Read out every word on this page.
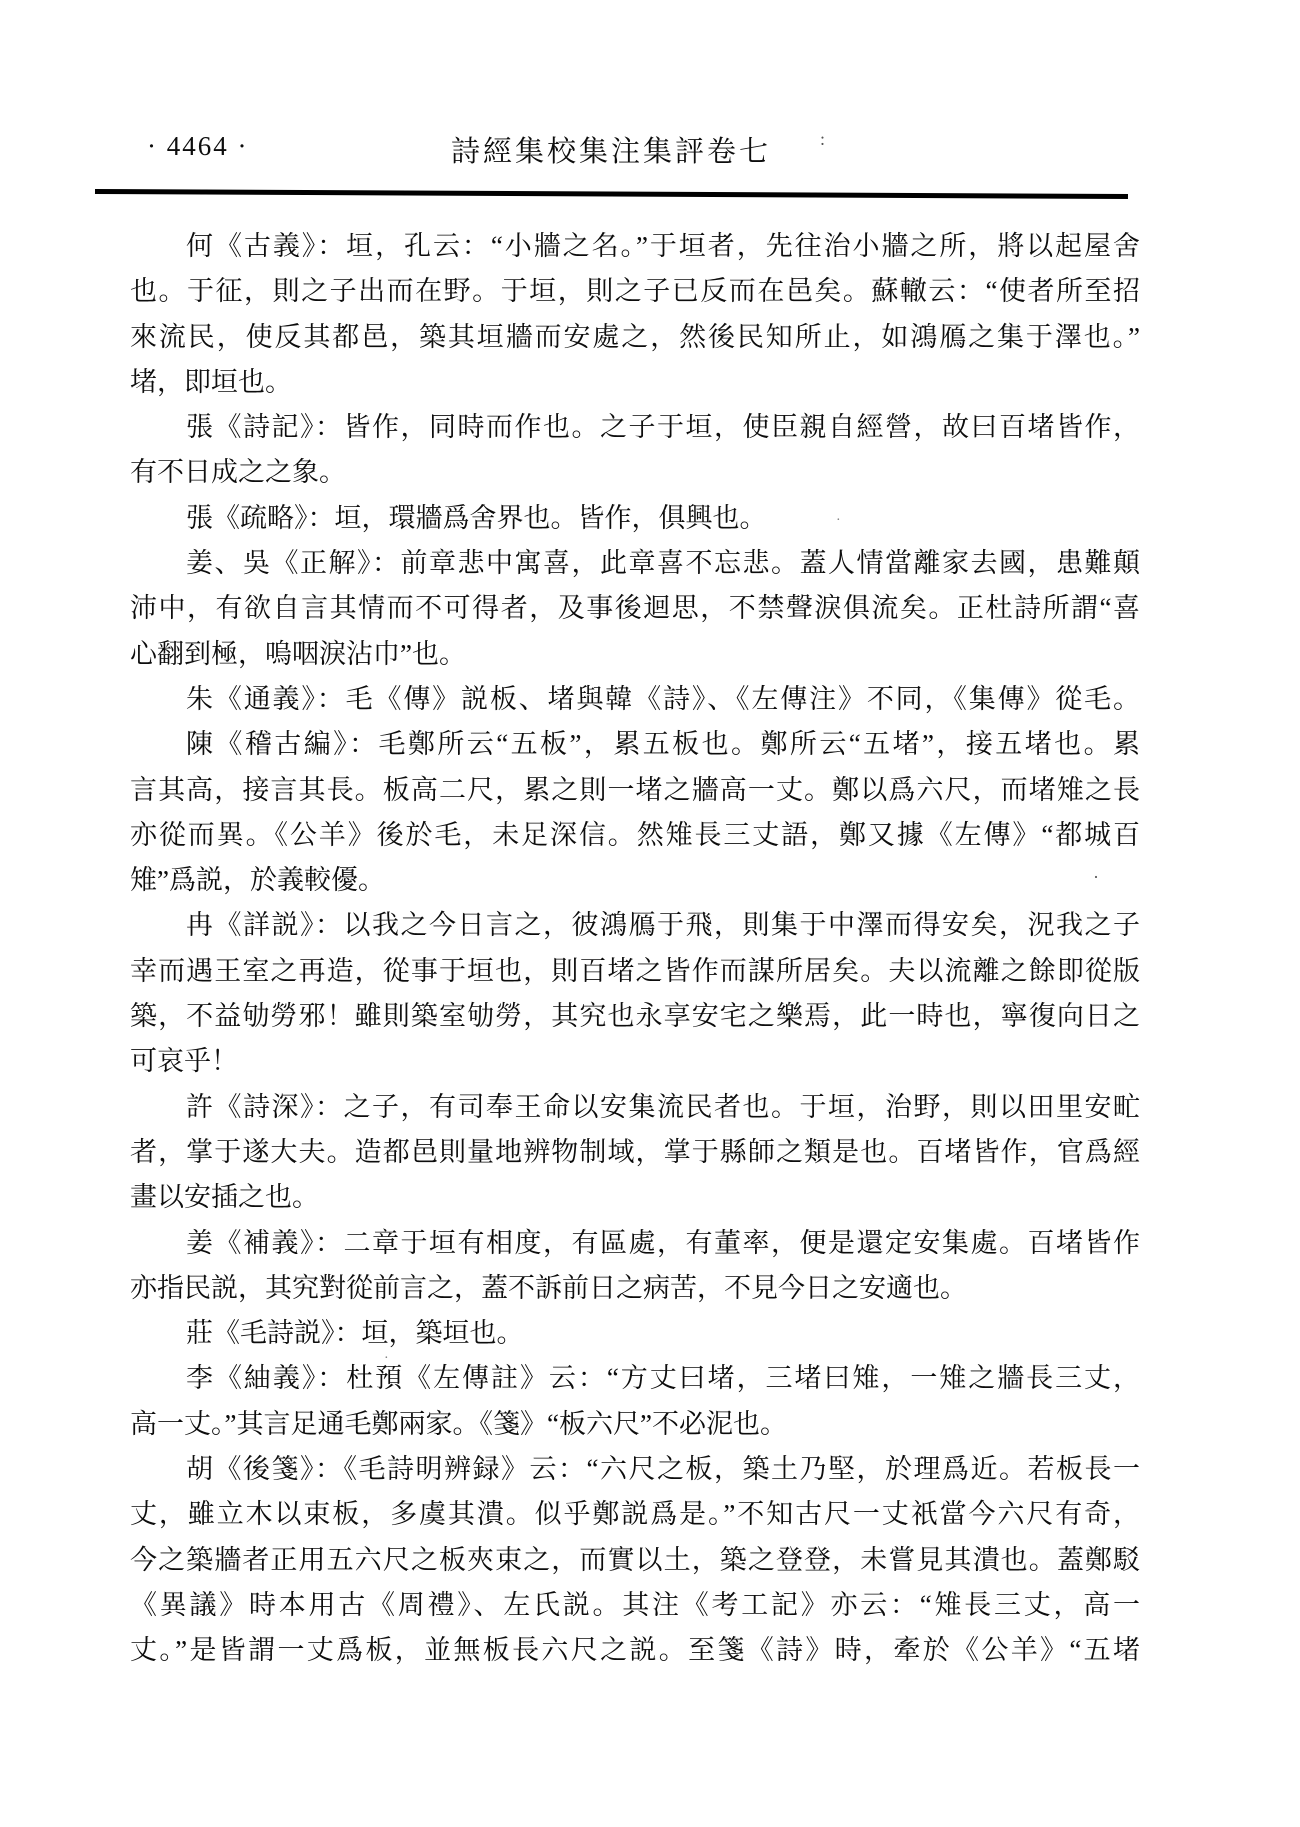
· 4464 ·	詩經集校集注集評卷七
何《古義》：垣，孔云：“小牆之名。”于垣者，先往治小牆之所，將以起屋舍
也。于征，則之子出而在野。于垣，則之子已反而在邑矣。蘇轍云：“使者所至招
來流民，使反其都邑，築其垣牆而安處之，然後民知所止，如鴻鴈之集于澤也。”
堵，即垣也。
張《詩記》：皆作，同時而作也。之子于垣，使臣親自經營，故曰百堵皆作，
有不日成之之象。
張《疏略》：垣，環牆爲舍界也。皆作，俱興也。
姜、吳《正解》：前章悲中寓喜，此章喜不忘悲。蓋人情當離家去國，患難顛
沛中，有欲自言其情而不可得者，及事後迴思，不禁聲淚俱流矣。正杜詩所謂“喜
心翻到極，嗚咽淚沾巾”也。
朱《通義》：毛《傳》説板、堵與韓《詩》、《左傳注》不同，《集傳》從毛。
陳《稽古編》：毛鄭所云“五板”，累五板也。鄭所云“五堵”，接五堵也。累
言其高，接言其長。板高二尺，累之則一堵之牆高一丈。鄭以爲六尺，而堵雉之長
亦從而異。《公羊》後於毛，未足深信。然雉長三丈語，鄭又據《左傳》“都城百
雉”爲説，於義較優。
冉《詳説》：以我之今日言之，彼鴻鴈于飛，則集于中澤而得安矣，況我之子
幸而遇王室之再造，從事于垣也，則百堵之皆作而謀所居矣。夫以流離之餘即從版
築，不益劬勞邪！雖則築室劬勞，其究也永享安宅之樂焉，此一時也，寧復向日之
可哀乎！
許《詩深》：之子，有司奉王命以安集流民者也。于垣，治野，則以田里安甿
者，掌于遂大夫。造都邑則量地辨物制域，掌于縣師之類是也。百堵皆作，官爲經
畫以安插之也。
姜《補義》：二章于垣有相度，有區處，有董率，便是還定安集處。百堵皆作
亦指民説，其究對從前言之，蓋不訴前日之病苦，不見今日之安適也。
莊《毛詩説》：垣，築垣也。
李《紬義》：杜預《左傳註》云：“方丈曰堵，三堵曰雉，一雉之牆長三丈，
高一丈。”其言足通毛鄭兩家。《箋》“板六尺”不必泥也。
胡《後箋》：《毛詩明辨録》云：“六尺之板，築土乃堅，於理爲近。若板長一
丈，雖立木以束板，多虞其潰。似乎鄭説爲是。”不知古尺一丈祇當今六尺有奇，
今之築牆者正用五六尺之板夾束之，而實以土，築之登登，未嘗見其潰也。蓋鄭駁
《異議》時本用古《周禮》、左氏説。其注《考工記》亦云：“雉長三丈，高一
丈。”是皆謂一丈爲板，並無板長六尺之説。至箋《詩》時，牽於《公羊》“五堵
:
·
·
·
